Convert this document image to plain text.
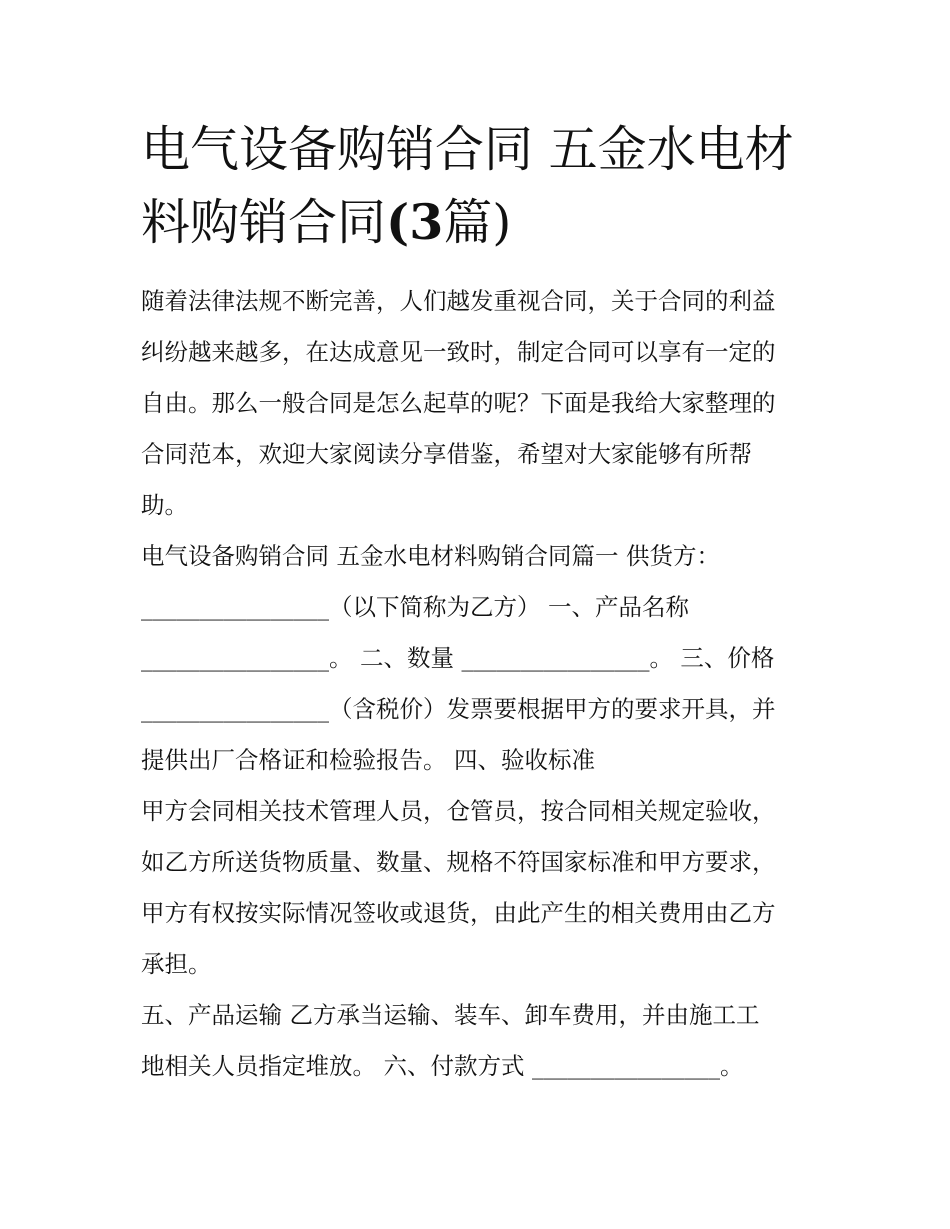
电气设备购销合同 五金水电材
料购销合同(3篇)
随着法律法规不断完善，人们越发重视合同，关于合同的利益
纠纷越来越多，在达成意见一致时，制定合同可以享有一定的
自由。那么一般合同是怎么起草的呢？下面是我给大家整理的
合同范本，欢迎大家阅读分享借鉴，希望对大家能够有所帮
助。
电气设备购销合同 五金水电材料购销合同篇一 供货方：
________________（以下简称为乙方） 一、产品名称
________________。 二、数量 ________________。 三、价格
________________（含税价）发票要根据甲方的要求开具，并
提供出厂合格证和检验报告。 四、验收标准
甲方会同相关技术管理人员，仓管员，按合同相关规定验收，
如乙方所送货物质量、数量、规格不符国家标准和甲方要求，
甲方有权按实际情况签收或退货，由此产生的相关费用由乙方
承担。
五、产品运输 乙方承当运输、装车、卸车费用，并由施工工
地相关人员指定堆放。 六、付款方式 ________________。
